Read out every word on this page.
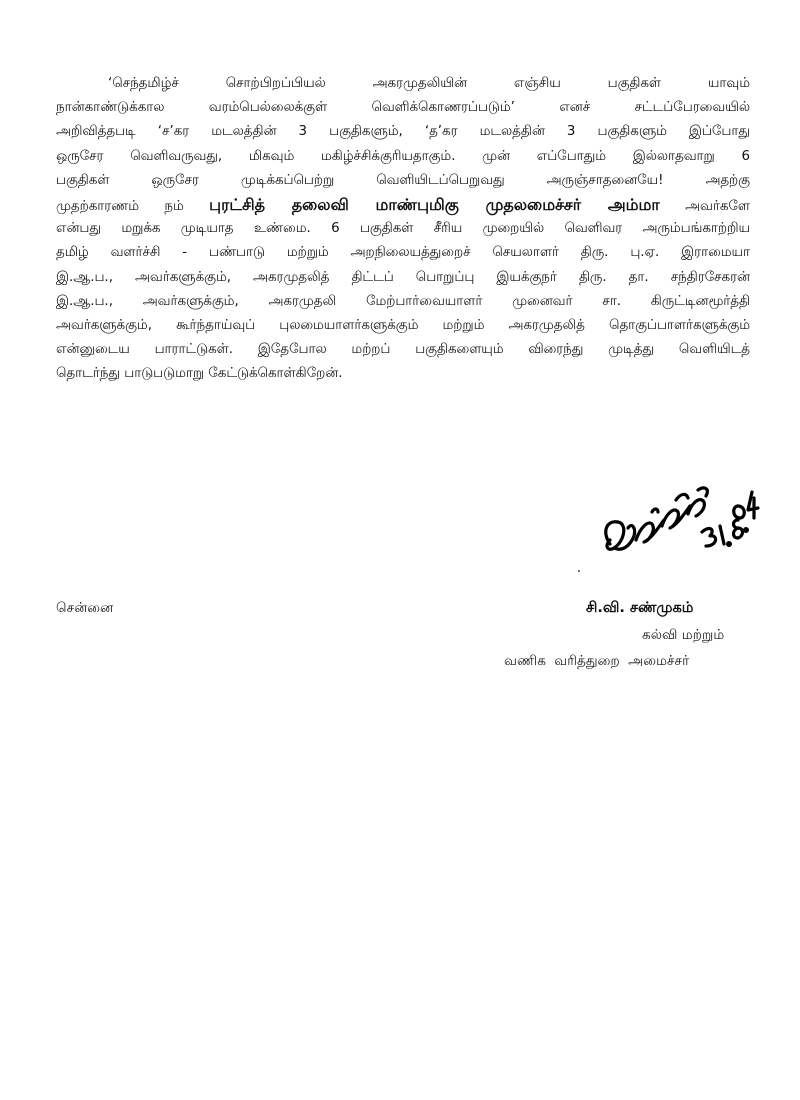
‘செந்தமிழ்ச் சொற்பிறப்பியல் அகரமுதலியின் எஞ்சிய பகுதிகள் யாவும்
நான்காண்டுக்கால வரம்பெல்லைக்குள் வெளிக்கொணரப்படும்’ எனச் சட்டப்பேரவையில்
அறிவித்தபடி ‘ச’கர மடலத்தின் 3 பகுதிகளும், ‘த’கர மடலத்தின் 3 பகுதிகளும் இப்போது
ஒருசேர வெளிவருவது, மிகவும் மகிழ்ச்சிக்குரியதாகும். முன் எப்போதும் இல்லாதவாறு 6
பகுதிகள் ஒருசேர முடிக்கப்பெற்று வெளியிடப்பெறுவது அருஞ்சாதனையே! அதற்கு
முதற்காரணம் நம் புரட்சித் தலைவி மாண்புமிகு முதலமைச்சர் அம்மா அவர்களே
என்பது மறுக்க முடியாத உண்மை. 6 பகுதிகள் சீரிய முறையில் வெளிவர அரும்பங்காற்றிய
தமிழ் வளர்ச்சி - பண்பாடு மற்றும் அறநிலையத்துறைச் செயலாளர் திரு. பு.ஏ. இராமையா
இ.ஆ.ப., அவர்களுக்கும், அகரமுதலித் திட்டப் பொறுப்பு இயக்குநர் திரு. தா. சந்திரசேகரன்
இ.ஆ.ப., அவர்களுக்கும், அகரமுதலி மேற்பார்வையாளர் முனைவர் சா. கிருட்டினமூர்த்தி
அவர்களுக்கும், கூர்ந்தாய்வுப் புலமையாளர்களுக்கும் மற்றும் அகரமுதலித் தொகுப்பாளர்களுக்கும்
என்னுடைய பாராட்டுகள். இதேபோல மற்றப் பகுதிகளையும் விரைந்து முடித்து வெளியிடத்
தொடர்ந்து பாடுபடுமாறு கேட்டுக்கொள்கிறேன்.
சென்னை	சி.வி. சண்முகம்
கல்வி மற்றும்
வணிக வரித்துறை அமைச்சர்
